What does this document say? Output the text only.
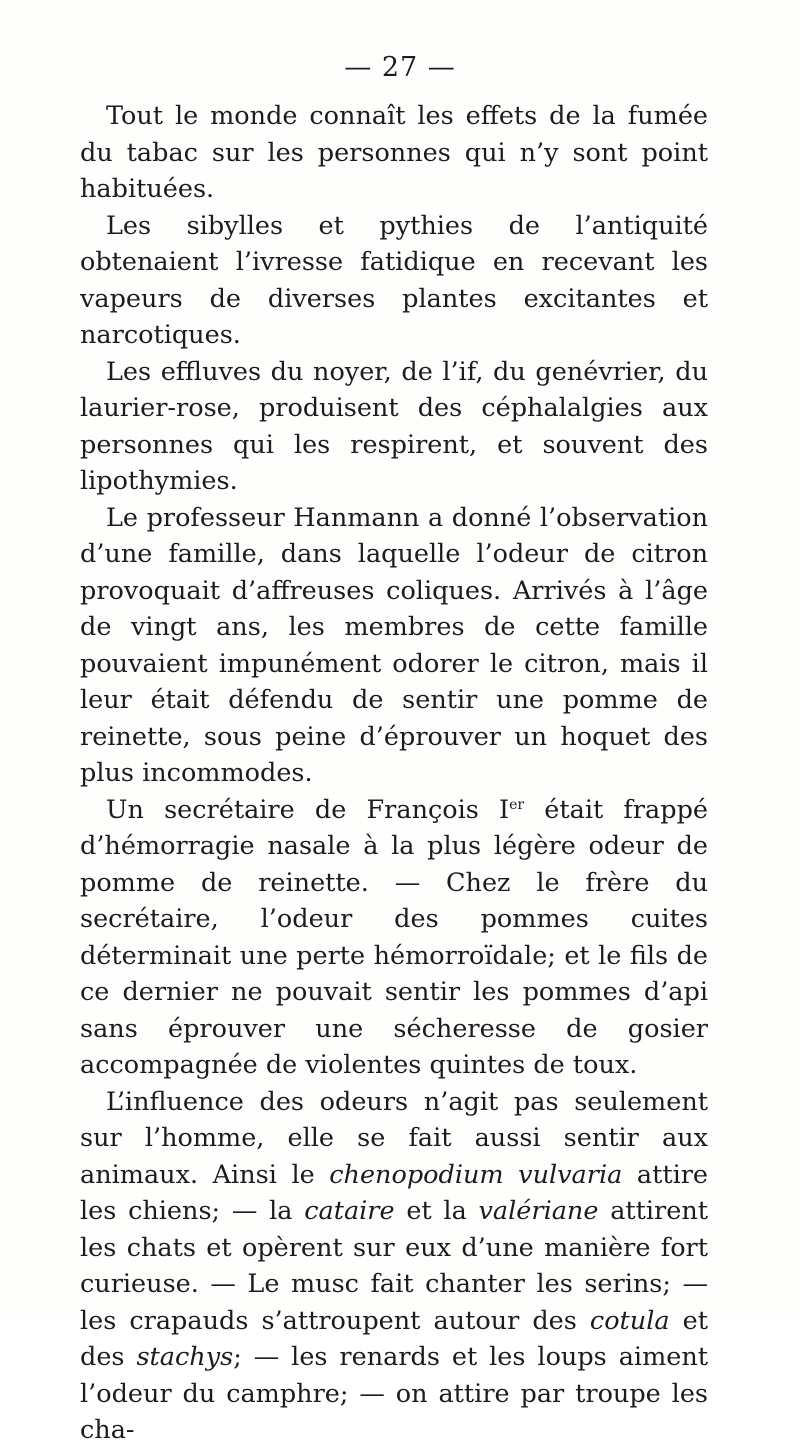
— 27 —

Tout le monde connaît les effets de la fumée du tabac sur les personnes qui n’y sont point habituées.

Les sibylles et pythies de l’antiquité obtenaient l’ivresse fatidique en recevant les vapeurs de diverses plantes excitantes et narcotiques.

Les effluves du noyer, de l’if, du genévrier, du laurier-rose, produisent des céphalalgies aux personnes qui les respirent, et souvent des lipothymies.

Le professeur Hanmann a donné l’observation d’une famille, dans laquelle l’odeur de citron provoquait d’affreuses coliques. Arrivés à l’âge de vingt ans, les membres de cette famille pouvaient impunément odorer le citron, mais il leur était défendu de sentir une pomme de reinette, sous peine d’éprouver un hoquet des plus incommodes.

Un secrétaire de François Ier était frappé d’hémorragie nasale à la plus légère odeur de pomme de reinette. — Chez le frère du secrétaire, l’odeur des pommes cuites déterminait une perte hémorroïdale; et le fils de ce dernier ne pouvait sentir les pommes d’api sans éprouver une sécheresse de gosier accompagnée de violentes quintes de toux.

L’influence des odeurs n’agit pas seulement sur l’homme, elle se fait aussi sentir aux animaux. Ainsi le chenopodium vulvaria attire les chiens; — la cataire et la valériane attirent les chats et opèrent sur eux d’une manière fort curieuse. — Le musc fait chanter les serins; — les crapauds s’attroupent autour des cotula et des stachys; — les renards et les loups aiment l’odeur du camphre; — on attire par troupe les cha-
